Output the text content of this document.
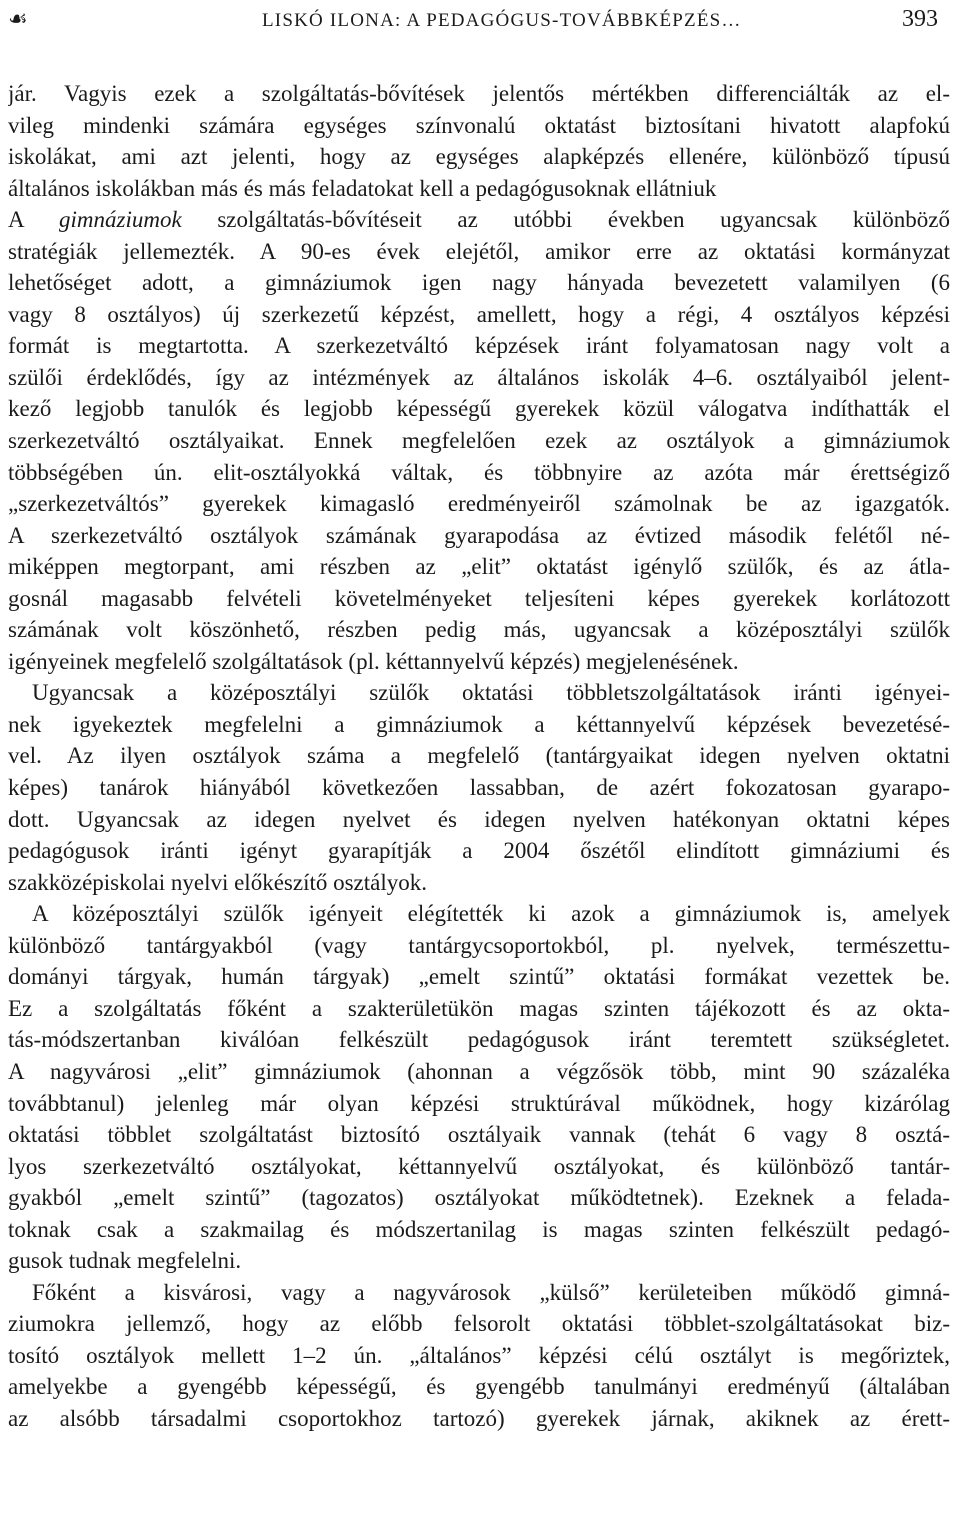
☙	LISKÓ ILONA: A PEDAGÓGUS-TOVÁBBKÉPZÉS…	393
jár. Vagyis ezek a szolgáltatás-bővítések jelentős mértékben differenciálták az el-
vileg mindenki számára egységes színvonalú oktatást biztosítani hivatott alapfokú
iskolákat, ami azt jelenti, hogy az egységes alapképzés ellenére, különböző típusú
általános iskolákban más és más feladatokat kell a pedagógusoknak ellátniuk
A gimnáziumok szolgáltatás-bővítéseit az utóbbi években ugyancsak különböző
stratégiák jellemezték. A 90-es évek elejétől, amikor erre az oktatási kormányzat
lehetőséget adott, a gimnáziumok igen nagy hányada bevezetett valamilyen (6
vagy 8 osztályos) új szerkezetű képzést, amellett, hogy a régi, 4 osztályos képzési
formát is megtartotta. A szerkezetváltó képzések iránt folyamatosan nagy volt a
szülői érdeklődés, így az intézmények az általános iskolák 4–6. osztályaiból jelent-
kező legjobb tanulók és legjobb képességű gyerekek közül válogatva indíthatták el
szerkezetváltó osztályaikat. Ennek megfelelően ezek az osztályok a gimnáziumok
többségében ún. elit-osztályokká váltak, és többnyire az azóta már érettségiző
„szerkezetváltós” gyerekek kimagasló eredményeiről számolnak be az igazgatók.
A szerkezetváltó osztályok számának gyarapodása az évtized második felétől né-
miképpen megtorpant, ami részben az „elit” oktatást igénylő szülők, és az átla-
gosnál magasabb felvételi követelményeket teljesíteni képes gyerekek korlátozott
számának volt köszönhető, részben pedig más, ugyancsak a középosztályi szülők
igényeinek megfelelő szolgáltatások (pl. kéttannyelvű képzés) megjelenésének.
Ugyancsak a középosztályi szülők oktatási többletszolgáltatások iránti igényei-
nek igyekeztek megfelelni a gimnáziumok a kéttannyelvű képzések bevezetésé-
vel. Az ilyen osztályok száma a megfelelő (tantárgyaikat idegen nyelven oktatni
képes) tanárok hiányából következően lassabban, de azért fokozatosan gyarapo-
dott. Ugyancsak az idegen nyelvet és idegen nyelven hatékonyan oktatni képes
pedagógusok iránti igényt gyarapítják a 2004 őszétől elindított gimnáziumi és
szakközépiskolai nyelvi előkészítő osztályok.
A középosztályi szülők igényeit elégítették ki azok a gimnáziumok is, amelyek
különböző tantárgyakból (vagy tantárgycsoportokból, pl. nyelvek, természettu-
dományi tárgyak, humán tárgyak) „emelt szintű” oktatási formákat vezettek be.
Ez a szolgáltatás főként a szakterületükön magas szinten tájékozott és az okta-
tás-módszertanban kiválóan felkészült pedagógusok iránt teremtett szükségletet.
A nagyvárosi „elit” gimnáziumok (ahonnan a végzősök több, mint 90 százaléka
továbbtanul) jelenleg már olyan képzési struktúrával működnek, hogy kizárólag
oktatási többlet szolgáltatást biztosító osztályaik vannak (tehát 6 vagy 8 osztá-
lyos szerkezetváltó osztályokat, kéttannyelvű osztályokat, és különböző tantár-
gyakból „emelt szintű” (tagozatos) osztályokat működtetnek). Ezeknek a felada-
toknak csak a szakmailag és módszertanilag is magas szinten felkészült pedagó-
gusok tudnak megfelelni.
Főként a kisvárosi, vagy a nagyvárosok „külső” kerületeiben működő gimná-
ziumokra jellemző, hogy az előbb felsorolt oktatási többlet-szolgáltatásokat biz-
tosító osztályok mellett 1–2 ún. „általános” képzési célú osztályt is megőriztek,
amelyekbe a gyengébb képességű, és gyengébb tanulmányi eredményű (általában
az alsóbb társadalmi csoportokhoz tartozó) gyerekek járnak, akiknek az érett-
